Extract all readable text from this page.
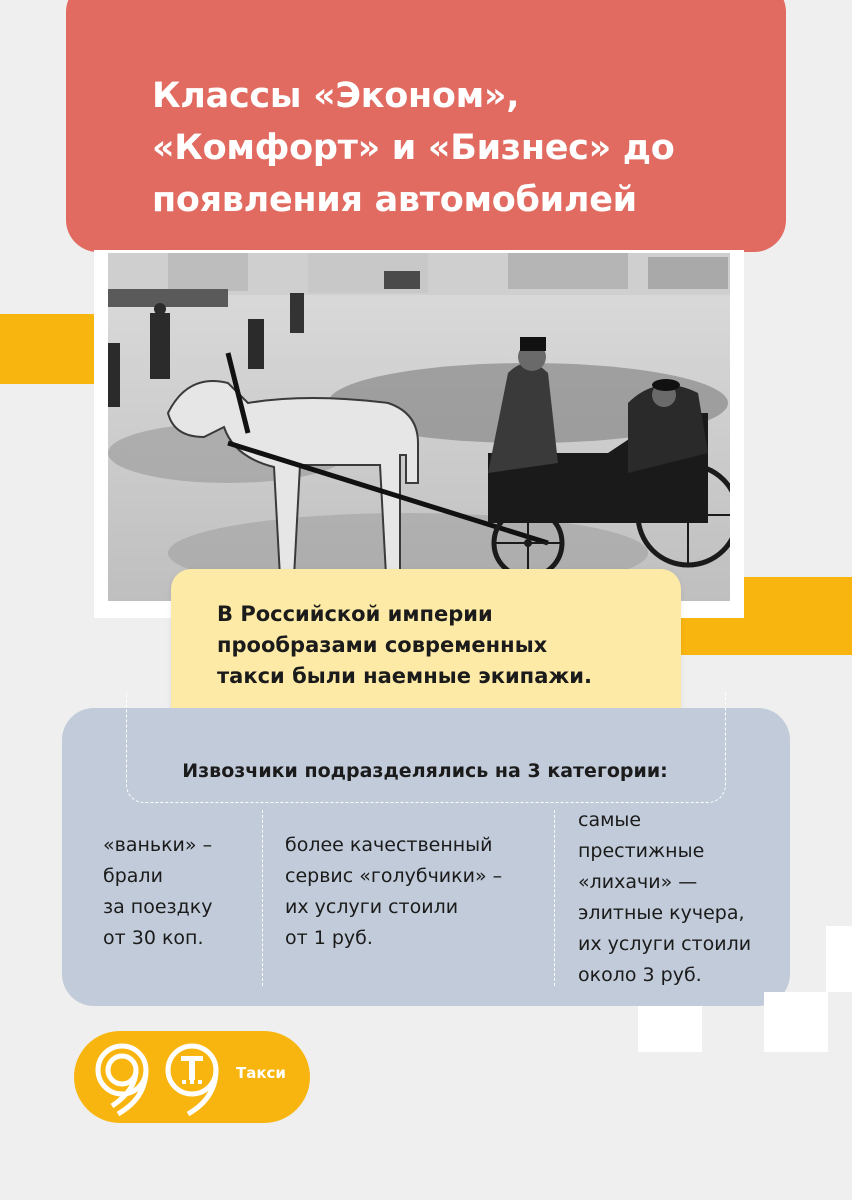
Классы «Эконом»,
«Комфорт» и «Бизнес» до
появления автомобилей
В Российской империи
прообразами современных
такси были наемные экипажи.
Извозчики подразделялись на 3 категории:
«ваньки» –
брали
за поездку
от 30 коп.
более качественный
сервис «голубчики» –
их услуги стоили
от 1 руб.
самые
престижные
«лихачи» —
элитные кучера,
их услуги стоили
около 3 руб.
Такси
